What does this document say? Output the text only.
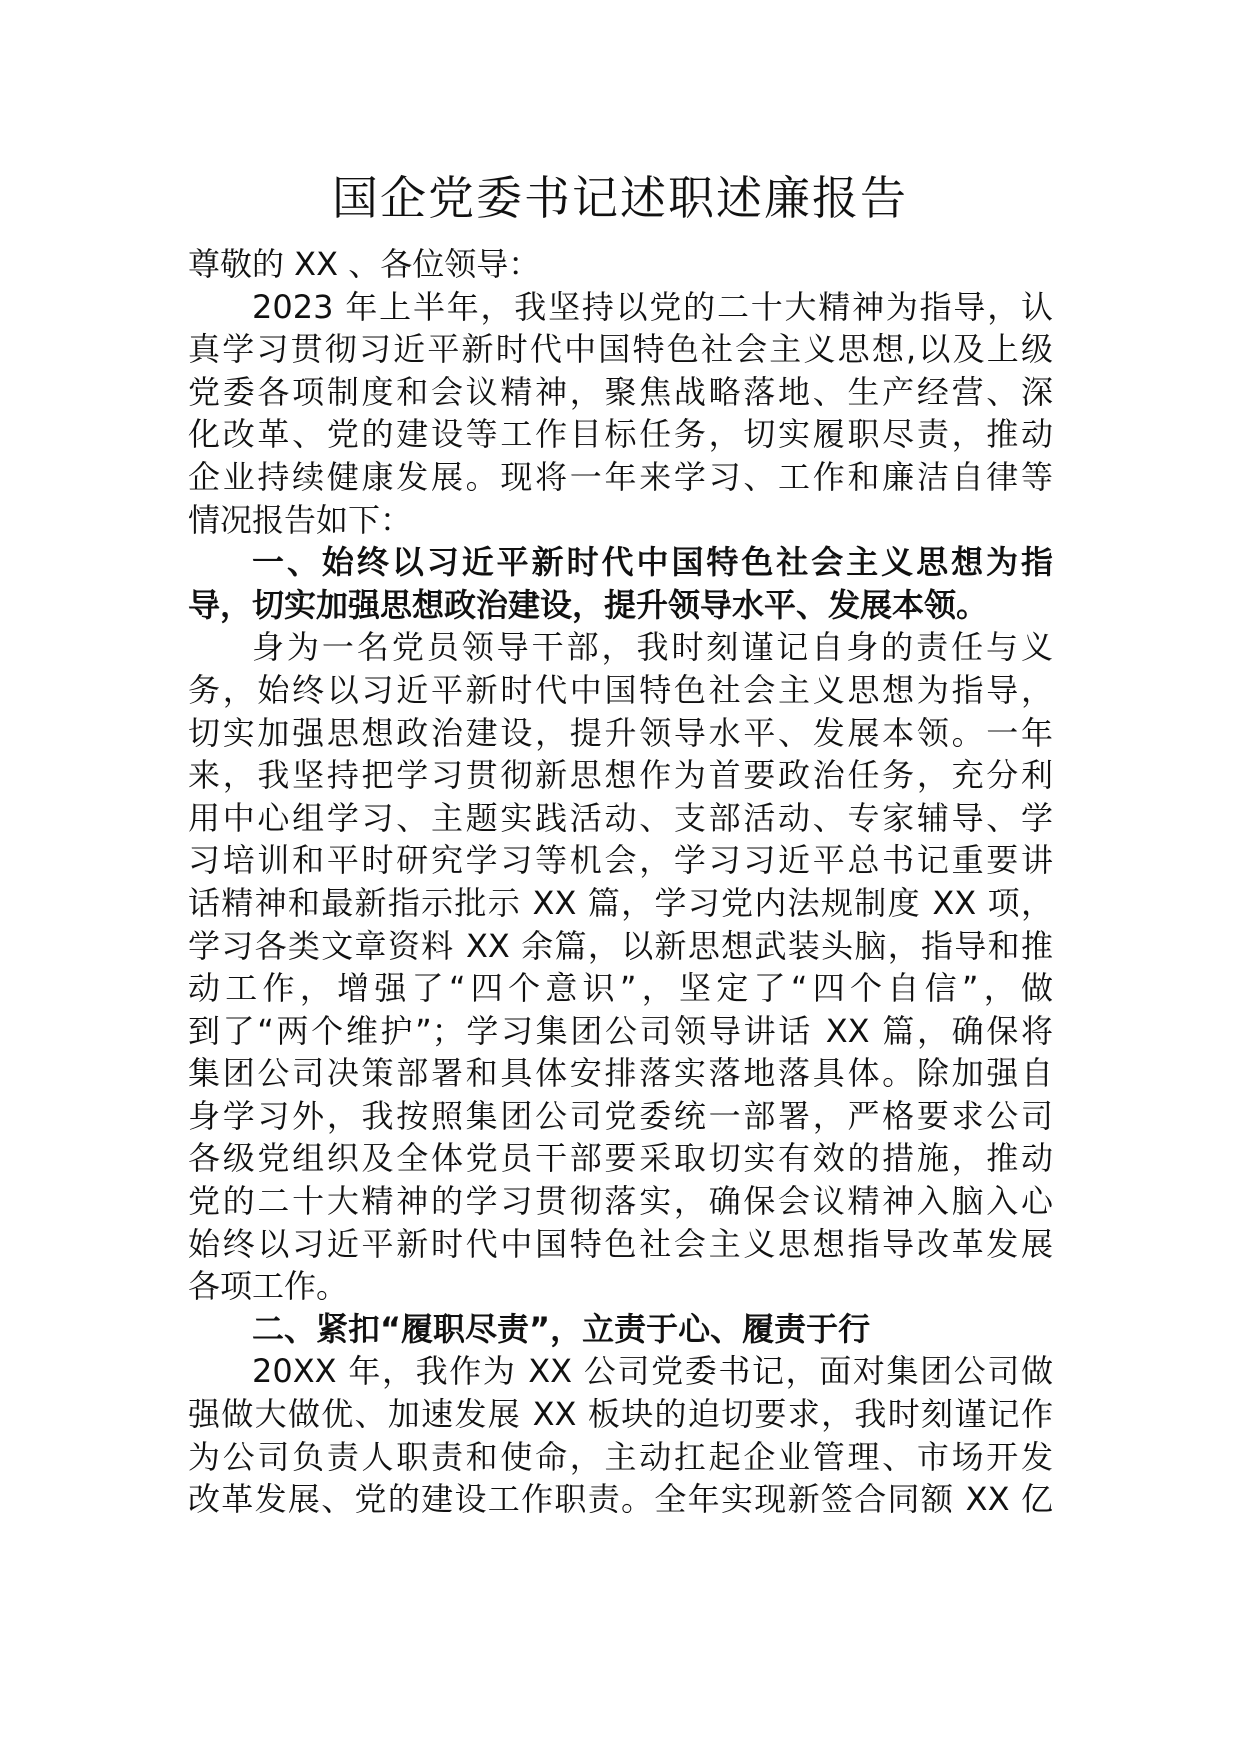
国企党委书记述职述廉报告

尊敬的 XX 、各位领导：

2023 年上半年，我坚持以党的二十大精神为指导，认

真学习贯彻习近平新时代中国特色社会主义思想,以及上级

党委各项制度和会议精神，聚焦战略落地、生产经营、深

化改革、党的建设等工作目标任务，切实履职尽责，推动

企业持续健康发展。现将一年来学习、工作和廉洁自律等

情况报告如下：

一、始终以习近平新时代中国特色社会主义思想为指

导，切实加强思想政治建设，提升领导水平、发展本领。

身为一名党员领导干部，我时刻谨记自身的责任与义

务，始终以习近平新时代中国特色社会主义思想为指导，

切实加强思想政治建设，提升领导水平、发展本领。一年

来，我坚持把学习贯彻新思想作为首要政治任务，充分利

用中心组学习、主题实践活动、支部活动、专家辅导、学

习培训和平时研究学习等机会，学习习近平总书记重要讲

话精神和最新指示批示 XX 篇，学习党内法规制度 XX 项，

学习各类文章资料 XX 余篇，以新思想武装头脑，指导和推

动工作，增强了“四个意识”，坚定了“四个自信”，做

到了“两个维护”；学习集团公司领导讲话 XX 篇，确保将

集团公司决策部署和具体安排落实落地落具体。除加强自

身学习外，我按照集团公司党委统一部署，严格要求公司

各级党组织及全体党员干部要采取切实有效的措施，推动

党的二十大精神的学习贯彻落实，确保会议精神入脑入心

始终以习近平新时代中国特色社会主义思想指导改革发展

各项工作。

二、紧扣“履职尽责”，立责于心、履责于行

20XX 年，我作为 XX 公司党委书记，面对集团公司做

强做大做优、加速发展 XX 板块的迫切要求，我时刻谨记作

为公司负责人职责和使命，主动扛起企业管理、市场开发

改革发展、党的建设工作职责。全年实现新签合同额 XX 亿
